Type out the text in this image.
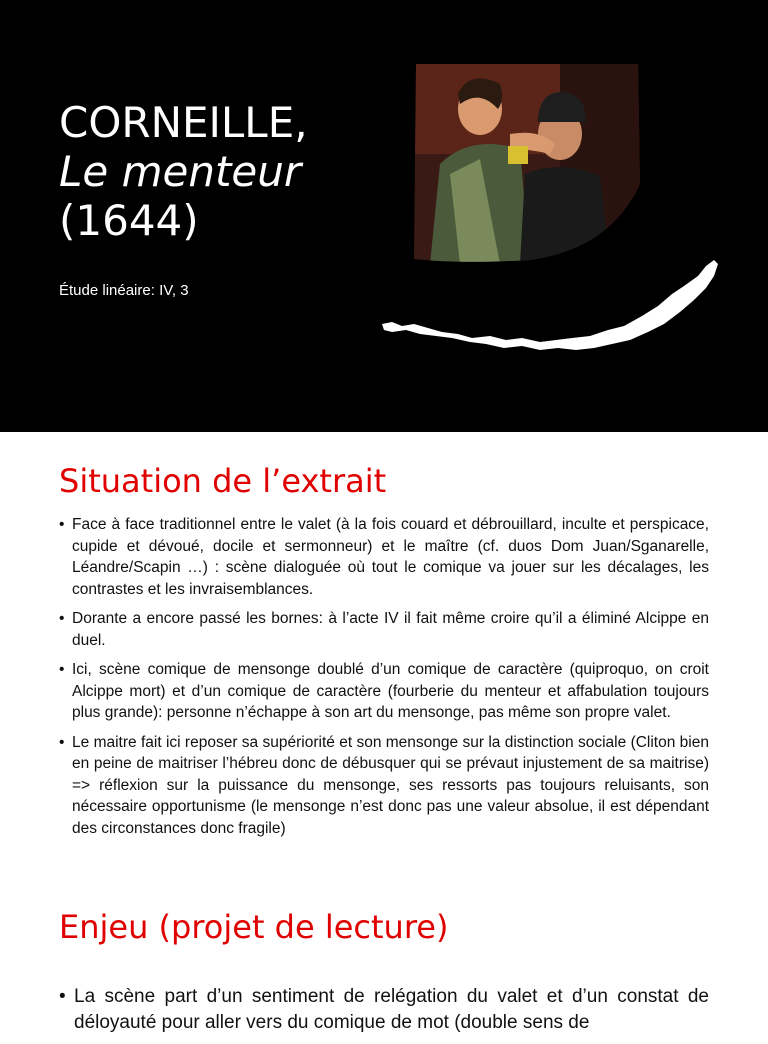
CORNEILLE,
Le menteur
(1644)
Étude linéaire: IV, 3
Situation de l’extrait
• Face à face traditionnel entre le valet (à la fois couard et débrouillard, inculte et perspicace, cupide et dévoué, docile et sermonneur) et le maître (cf. duos Dom Juan/Sganarelle, Léandre/Scapin …) : scène dialoguée où tout le comique va jouer sur les décalages, les contrastes et les invraisemblances.
• Dorante a encore passé les bornes: à l’acte IV il fait même croire qu’il a éliminé Alcippe en duel.
• Ici, scène comique de mensonge doublé d’un comique de caractère (quiproquo, on croit Alcippe mort) et d’un comique de caractère (fourberie du menteur et affabulation toujours plus grande): personne n’échappe à son art du mensonge, pas même son propre valet.
• Le maitre fait ici reposer sa supériorité et son mensonge sur la distinction sociale (Cliton bien en peine de maitriser l’hébreu donc de débusquer qui se prévaut injustement de sa maitrise) => réflexion sur la puissance du mensonge, ses ressorts pas toujours reluisants, son nécessaire opportunisme (le mensonge n’est donc pas une valeur absolue, il est dépendant des circonstances donc fragile)
Enjeu (projet de lecture)
• La scène part d’un sentiment de relégation du valet et d’un constat de déloyauté pour aller vers du comique de mot (double sens de
